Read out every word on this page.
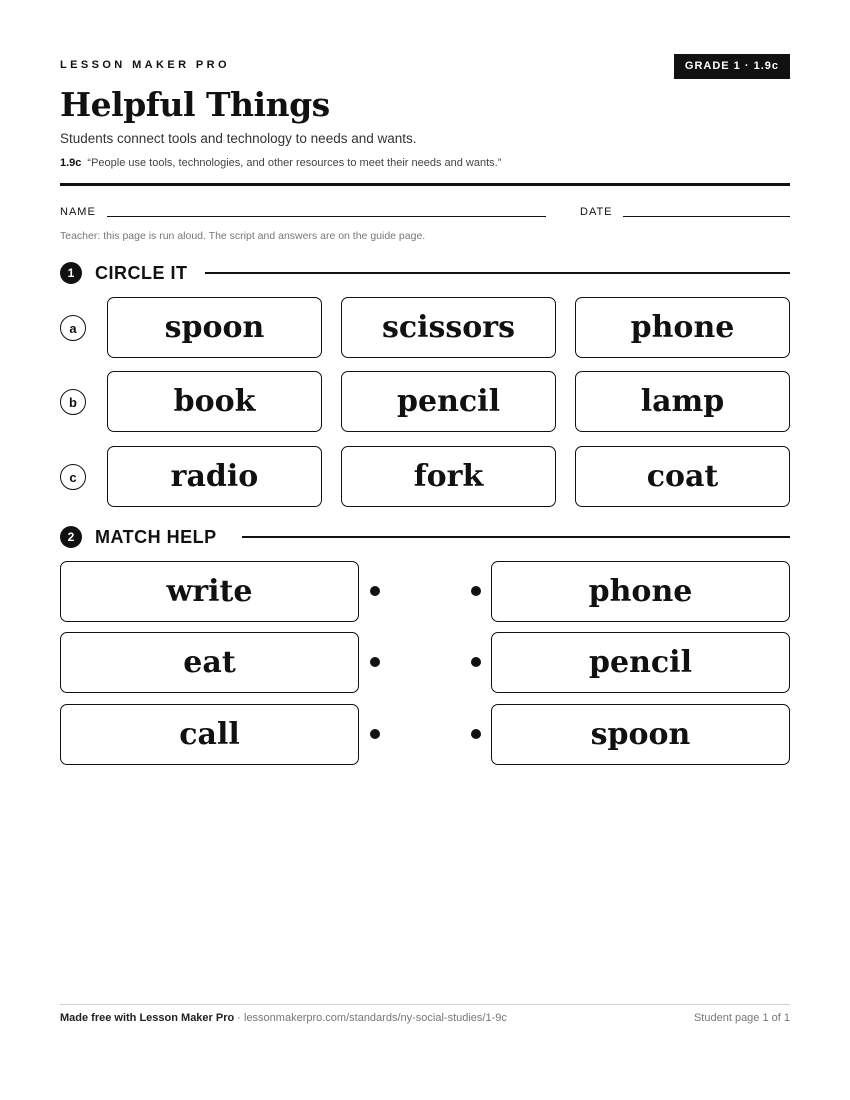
LESSON MAKER PRO	GRADE 1 · 1.9c
Helpful Things
Students connect tools and technology to needs and wants.
1.9c “People use tools, technologies, and other resources to meet their needs and wants.”
NAME	DATE
Teacher: this page is run aloud. The script and answers are on the guide page.
1	CIRCLE IT
a	spoon	scissors	phone
b	book	pencil	lamp
c	radio	fork	coat
2	MATCH HELP
write	phone
eat	pencil
call	spoon
Made free with Lesson Maker Pro · lessonmakerpro.com/standards/ny-social-studies/1-9c	Student page 1 of 1
